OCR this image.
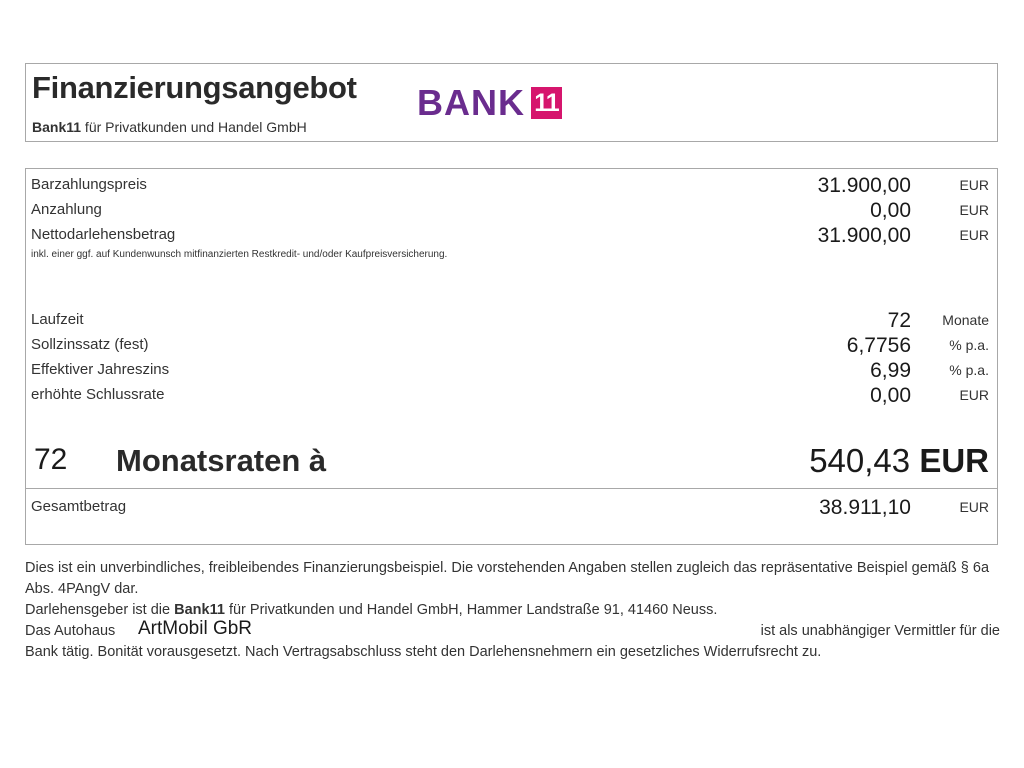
Finanzierungsangebot
Bank11 für Privatkunden und Handel GmbH
BANK 11
Barzahlungspreis	31.900,00	EUR
Anzahlung	0,00	EUR
Nettodarlehensbetrag	31.900,00	EUR
inkl. einer ggf. auf Kundenwunsch mitfinanzierten Restkredit- und/oder Kaufpreisversicherung.
Laufzeit	72 Monate
Sollzinssatz (fest)	6,7756	% p.a.
Effektiver Jahreszins	6,99	% p.a.
erhöhte Schlussrate	0,00	EUR
72 Monatsraten à	540,43 EUR
Gesamtbetrag	38.911,10	EUR

Dies ist ein unverbindliches, freibleibendes Finanzierungsbeispiel. Die vorstehenden Angaben stellen zugleich das repräsentative Beispiel gemäß § 6a Abs. 4PAngV dar.

Darlehensgeber ist die Bank11 für Privatkunden und Handel GmbH, Hammer Landstraße 91, 41460 Neuss.

Das Autohaus ArtMobil GbR	ist als unabhängiger Vermittler für die

Bank tätig. Bonität vorausgesetzt. Nach Vertragsabschluss steht den Darlehensnehmern ein gesetzliches Widerrufsrecht zu.
